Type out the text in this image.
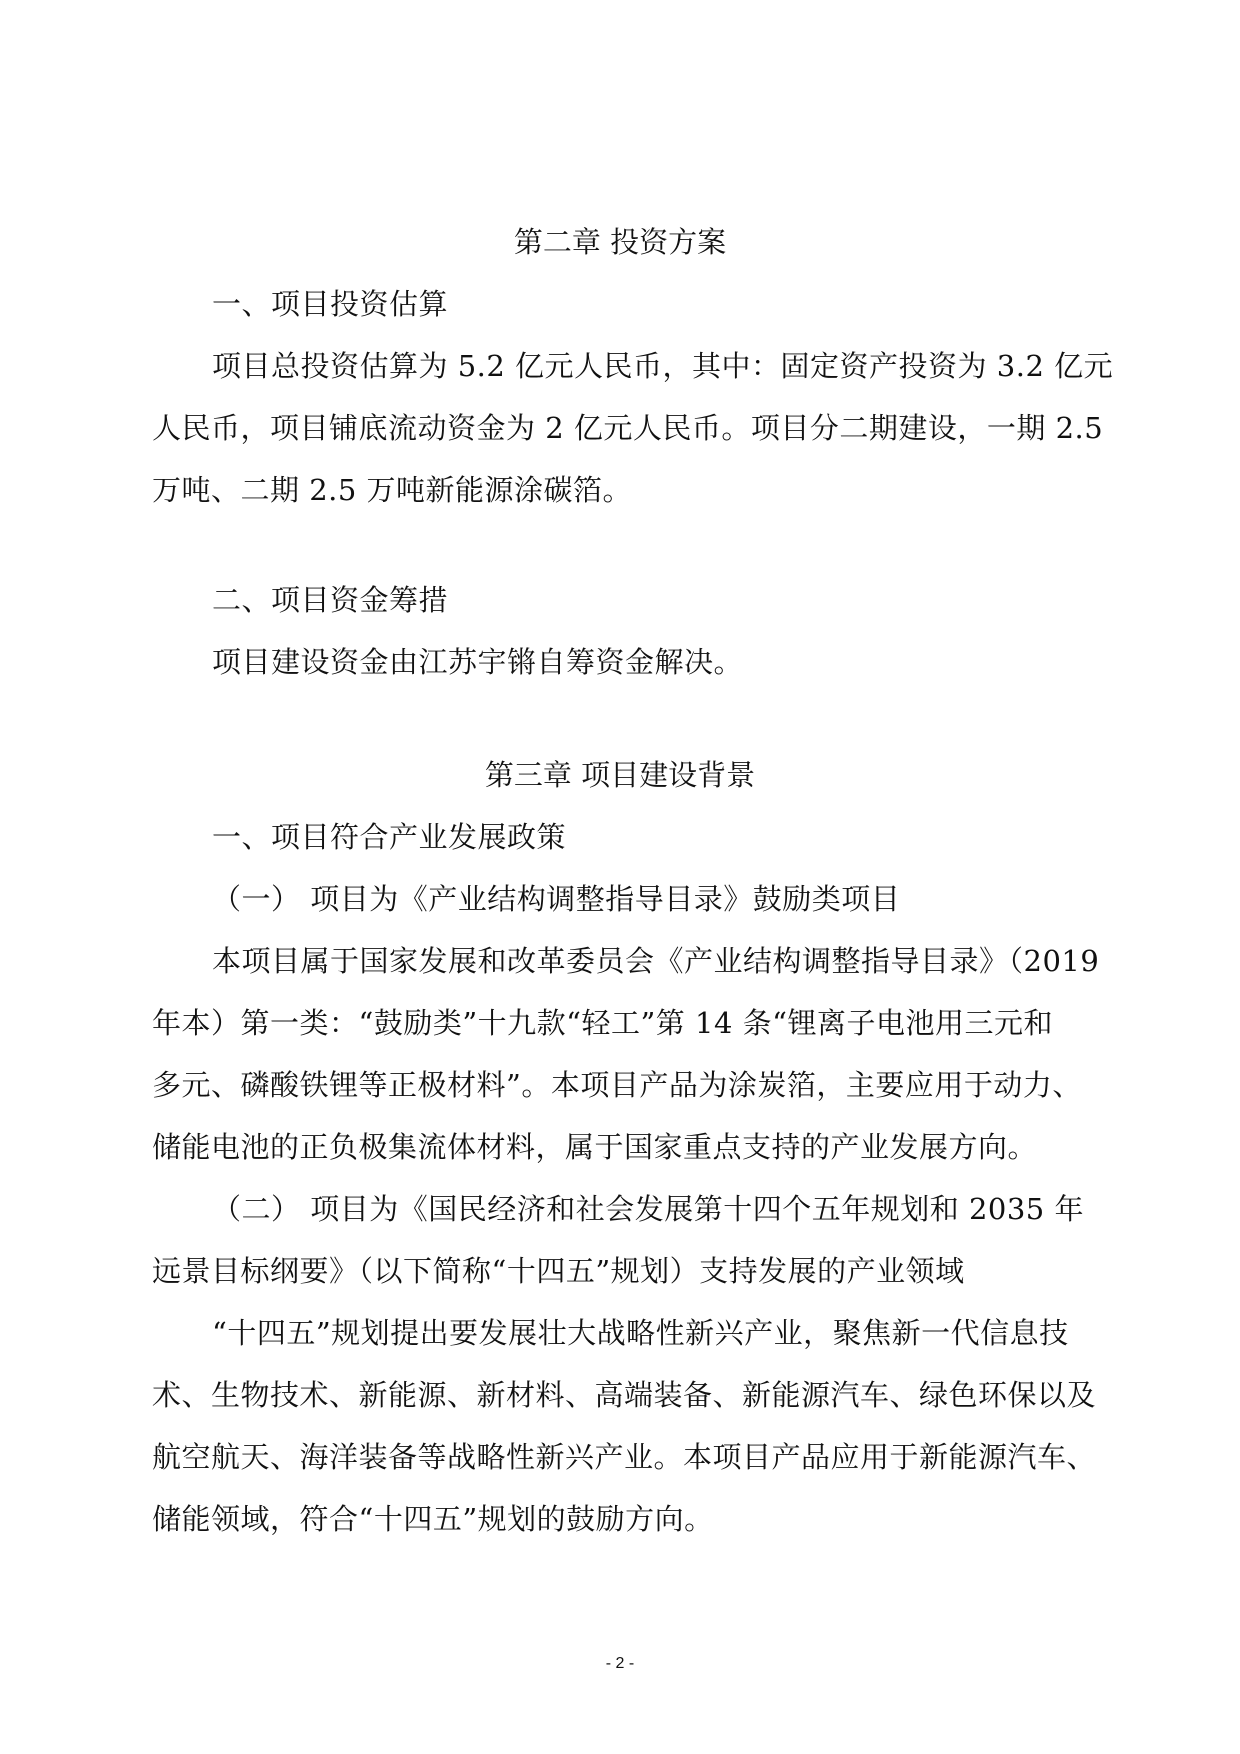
第二章 投资方案
一、项目投资估算
项目总投资估算为 5.2 亿元人民币，其中：固定资产投资为 3.2 亿元
人民币，项目铺底流动资金为 2 亿元人民币。项目分二期建设，一期 2.5
万吨、二期 2.5 万吨新能源涂碳箔。
二、项目资金筹措
项目建设资金由江苏宇锵自筹资金解决。
第三章 项目建设背景
一、项目符合产业发展政策
（一） 项目为《产业结构调整指导目录》鼓励类项目
本项目属于国家发展和改革委员会《产业结构调整指导目录》（2019
年本）第一类：“鼓励类”十九款“轻工”第 14 条“锂离子电池用三元和
多元、磷酸铁锂等正极材料”。本项目产品为涂炭箔，主要应用于动力、
储能电池的正负极集流体材料，属于国家重点支持的产业发展方向。
（二） 项目为《国民经济和社会发展第十四个五年规划和 2035 年
远景目标纲要》（以下简称“十四五”规划）支持发展的产业领域
“十四五”规划提出要发展壮大战略性新兴产业，聚焦新一代信息技
术、生物技术、新能源、新材料、高端装备、新能源汽车、绿色环保以及
航空航天、海洋装备等战略性新兴产业。本项目产品应用于新能源汽车、
储能领域，符合“十四五”规划的鼓励方向。
- 2 -
